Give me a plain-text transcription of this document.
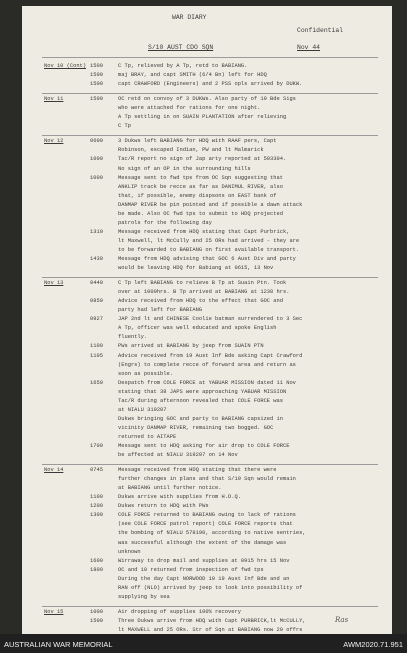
WAR DIARY
Confidential
S/10 AUST CDO SQN	Nov 44
Nov 10 (Cont) 1500	C Tp, relieved by A Tp, retd to BABIANG.
1500	maj BRAY, and capt SMITH (6/4 Bn) left for HDQ
1500	capt CRAWFORD (Engineers) and 2 PSS opls arrived by DUKW.
Nov 11	1500	OC retd on convoy of 3 DUKWs. Also party of 19 Bde Sigs
who were attached for rations for one night.
A Tp settling in on SUAIN PLANTATION after relieving
C Tp
Nov 12	0600	3 Dukws left BABIANG for HDQ with RAAF pers, Capt
Robinson, escaped Indian, PW and lt Malmarick
1000	Tac/R report no sign of Jap arty reported at 593304.
No sign of an OP in the surrounding hills
1000	Message sent to fwd tps from OC Sqn suggesting that
ANKLIP track be recce as far as DANIMUL RIVER, also
that, if possible, enemy dispsons on EAST bank of
DANMAP RIVER be pin pointed and if possible a dawn attack
be made. Also OC fwd tps to submit to HDQ projected
patrols for the following day
1310	Message received from HDQ stating that Capt Purbrick,
lt Maxwell, lt McCully and 25 ORs had arrived - they are
to be forwarded to BABIANG on first available transport.
1430	Message from HDQ advising that GOC 6 Aust Div and party
would be leaving HDQ for Babiang at 0615, 13 Nov
Nov 13	0440	C Tp left BABIANG to relieve B Tp at Suain Ptn. Took
over at 1000hrs. B Tp arrived at BABIANG at 1230 hrs.
0850	Advice received from HDQ to the effect that GOC and
party had left for BABIANG
0927	JAP 2nd lt and CHINESE Coolie batman surrendered to 3 Sec
A Tp, officer was well educated and spoke English
fluently.
1100	PWs arrived at BABIANG by jeep from SUAIN PTN
1105	Advice received from 19 Aust Inf Bde asking Capt Crawford
(Engrs) to complete recce of forward area and return as
soon as possible.
1650	Despatch from COLE FORCE at YABUAR MISSION dated 11 Nov
stating that 38 JAPS were approaching YABUAR MISSION
Tac/R during afternoon revealed that COLE FORCE was
at NIALU 319207
Dukws bringing GOC and party to BABIANG capsized in
vicinity DANMAP RIVER, remaining two bogged. GOC
returned to AITAPE
1700	Message sent to HDQ asking for air drop to COLE FORCE
be affected at NIALU 319207 on 14 Nov
Nov 14	0745	Message received from HDQ stating that there were
further changes in plans and that S/10 Sqn would remain
at BABIANG until further notice.
1100	Dukws arrive with supplies from H.D.Q.
1200	Dukws return to HDQ with PWs
1300	COLE FORCE returned to BABIANG owing to lack of rations
(see COLE FORCE patrol report) COLE FORCE reports that
the bombing of NIALU 578190, according to native sentries,
was successful although the extent of the damage was
unknown
1600	Wirraway to drop mail and supplies at 0915 hrs 15 Nov
1800	OC and 10 returned from inspection of fwd tps
During the day Capt NORWOOD 10 19 Aust Inf Bde and an
RAN off (NLO) arrived by jeep to look into possibility of
supplying by sea
Nov 15	1000	Air dropping of supplies 100% recovery
1500	Three Dukws arrive from HDQ with Capt PURBRICK,lt McCULLY,
lt MAXWELL and 25 ORs. Str of Sqn at BABIANG now 20 offrs
Ras
AUSTRALIAN WAR MEMORIAL	AWM2020.71.951
